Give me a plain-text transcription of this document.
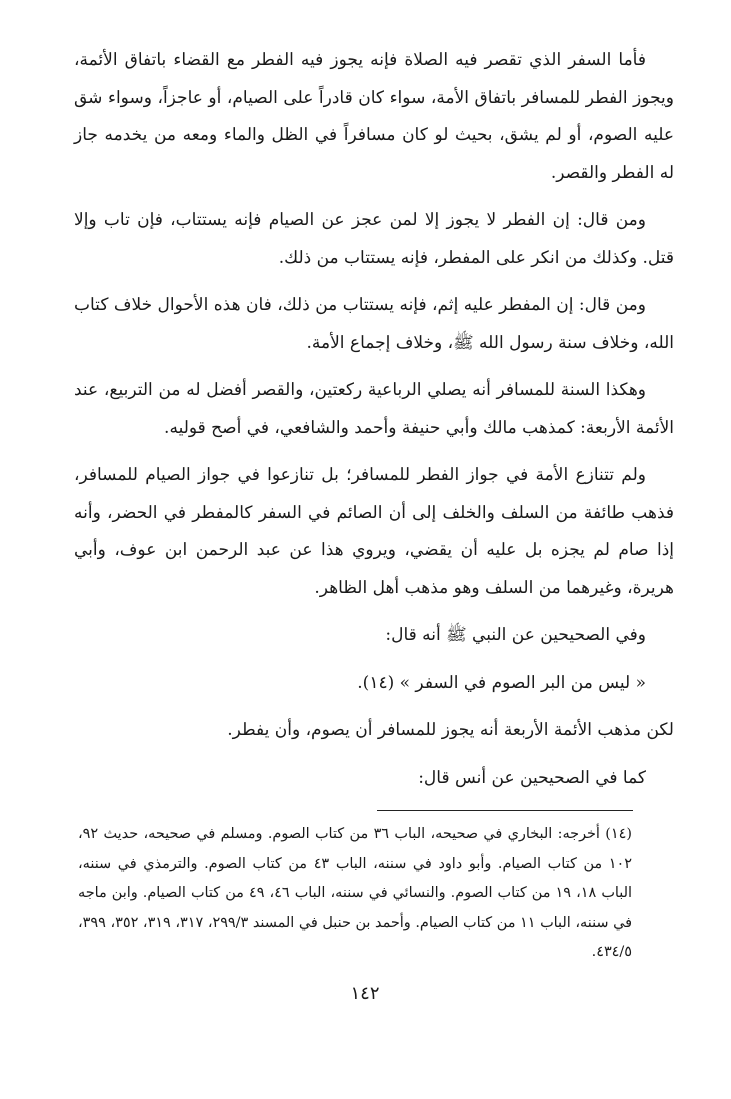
فأما السفر الذي تقصر فيه الصلاة فإنه يجوز فيه الفطر مع القضاء باتفاق الأئمة، ويجوز الفطر للمسافر باتفاق الأمة، سواء كان قادراً على الصيام، أو عاجزاً، وسواء شق عليه الصوم، أو لم يشق، بحيث لو كان مسافراً في الظل والماء ومعه من يخدمه جاز له الفطر والقصر.

ومن قال: إن الفطر لا يجوز إلا لمن عجز عن الصيام فإنه يستتاب، فإن تاب وإلا قتل. وكذلك من انكر على المفطر، فإنه يستتاب من ذلك.

ومن قال: إن المفطر عليه إثم، فإنه يستتاب من ذلك، فان هذه الأحوال خلاف كتاب الله، وخلاف سنة رسول الله ﷺ، وخلاف إجماع الأمة.

وهكذا السنة للمسافر أنه يصلي الرباعية ركعتين، والقصر أفضل له من التربيع، عند الأئمة الأربعة: كمذهب مالك وأبي حنيفة وأحمد والشافعي، في أصح قوليه.

ولم تتنازع الأمة في جواز الفطر للمسافر؛ بل تنازعوا في جواز الصيام للمسافر، فذهب طائفة من السلف والخلف إلى أن الصائم في السفر كالمفطر في الحضر، وأنه إذا صام لم يجزه بل عليه أن يقضي، ويروي هذا عن عبد الرحمن ابن عوف، وأبي هريرة، وغيرهما من السلف وهو مذهب أهل الظاهر.

وفي الصحيحين عن النبي ﷺ أنه قال:

« ليس من البر الصوم في السفر » (١٤).

لكن مذهب الأئمة الأربعة أنه يجوز للمسافر أن يصوم، وأن يفطر.

كما في الصحيحين عن أنس قال:

(١٤) أخرجه: البخاري في صحيحه، الباب ٣٦ من كتاب الصوم. ومسلم في صحيحه، حديث ٩٢، ١٠٢ من كتاب الصيام. وأبو داود في سننه، الباب ٤٣ من كتاب الصوم. والترمذي في سننه، الباب ١٨، ١٩ من كتاب الصوم. والنسائي في سننه، الباب ٤٦، ٤٩ من كتاب الصيام. وابن ماجه في سننه، الباب ١١ من كتاب الصيام. وأحمد بن حنبل في المسند ٢٩٩/٣، ٣١٧، ٣١٩، ٣٥٢، ٣٩٩، ٤٣٤/٥.

١٤٢
